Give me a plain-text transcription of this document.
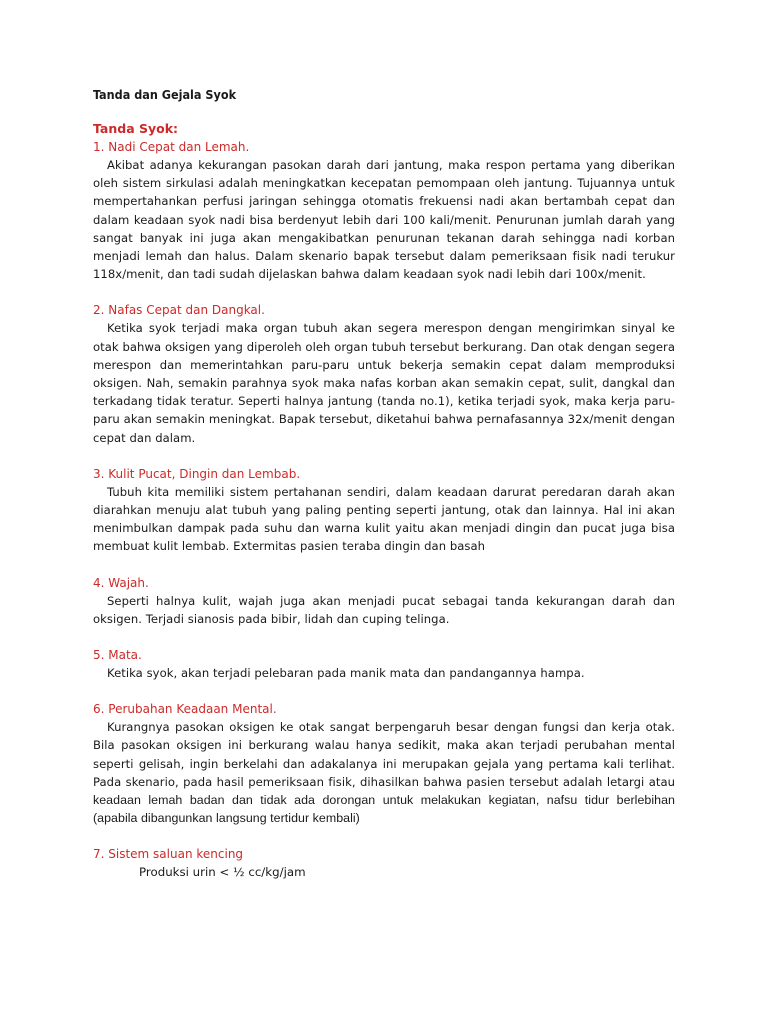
Tanda dan Gejala Syok

Tanda Syok:

1. Nadi Cepat dan Lemah.

Akibat adanya kekurangan pasokan darah dari jantung, maka respon pertama yang diberikan oleh sistem sirkulasi adalah meningkatkan kecepatan pemompaan oleh jantung. Tujuannya untuk mempertahankan perfusi jaringan sehingga otomatis frekuensi nadi akan bertambah cepat dan dalam keadaan syok nadi bisa berdenyut lebih dari 100 kali/menit. Penurunan jumlah darah yang sangat banyak ini juga akan mengakibatkan penurunan tekanan darah sehingga nadi korban menjadi lemah dan halus. Dalam skenario bapak tersebut dalam pemeriksaan fisik nadi terukur 118x/menit, dan tadi sudah dijelaskan bahwa dalam keadaan syok nadi lebih dari 100x/menit.

2. Nafas Cepat dan Dangkal.

Ketika syok terjadi maka organ tubuh akan segera merespon dengan mengirimkan sinyal ke otak bahwa oksigen yang diperoleh oleh organ tubuh tersebut berkurang. Dan otak dengan segera merespon dan memerintahkan paru-paru untuk bekerja semakin cepat dalam memproduksi oksigen. Nah, semakin parahnya syok maka nafas korban akan semakin cepat, sulit, dangkal dan terkadang tidak teratur. Seperti halnya jantung (tanda no.1), ketika terjadi syok, maka kerja paru-paru akan semakin meningkat. Bapak tersebut, diketahui bahwa pernafasannya 32x/menit dengan cepat dan dalam.

3. Kulit Pucat, Dingin dan Lembab.

Tubuh kita memiliki sistem pertahanan sendiri, dalam keadaan darurat peredaran darah akan diarahkan menuju alat tubuh yang paling penting seperti jantung, otak dan lainnya. Hal ini akan menimbulkan dampak pada suhu dan warna kulit yaitu akan menjadi dingin dan pucat juga bisa membuat kulit lembab. Extermitas pasien teraba dingin dan basah

4. Wajah.

Seperti halnya kulit, wajah juga akan menjadi pucat sebagai tanda kekurangan darah dan oksigen. Terjadi sianosis pada bibir, lidah dan cuping telinga.

5. Mata.

Ketika syok, akan terjadi pelebaran pada manik mata dan pandangannya hampa.

6. Perubahan Keadaan Mental.

Kurangnya pasokan oksigen ke otak sangat berpengaruh besar dengan fungsi dan kerja otak. Bila pasokan oksigen ini berkurang walau hanya sedikit, maka akan terjadi perubahan mental seperti gelisah, ingin berkelahi dan adakalanya ini merupakan gejala yang pertama kali terlihat. Pada skenario, pada hasil pemeriksaan fisik, dihasilkan bahwa pasien tersebut adalah letargi atau keadaan lemah badan dan tidak ada dorongan untuk melakukan kegiatan, nafsu tidur berlebihan (apabila dibangunkan langsung tertidur kembali)

7. Sistem saluan kencing

Produksi urin < ½ cc/kg/jam
